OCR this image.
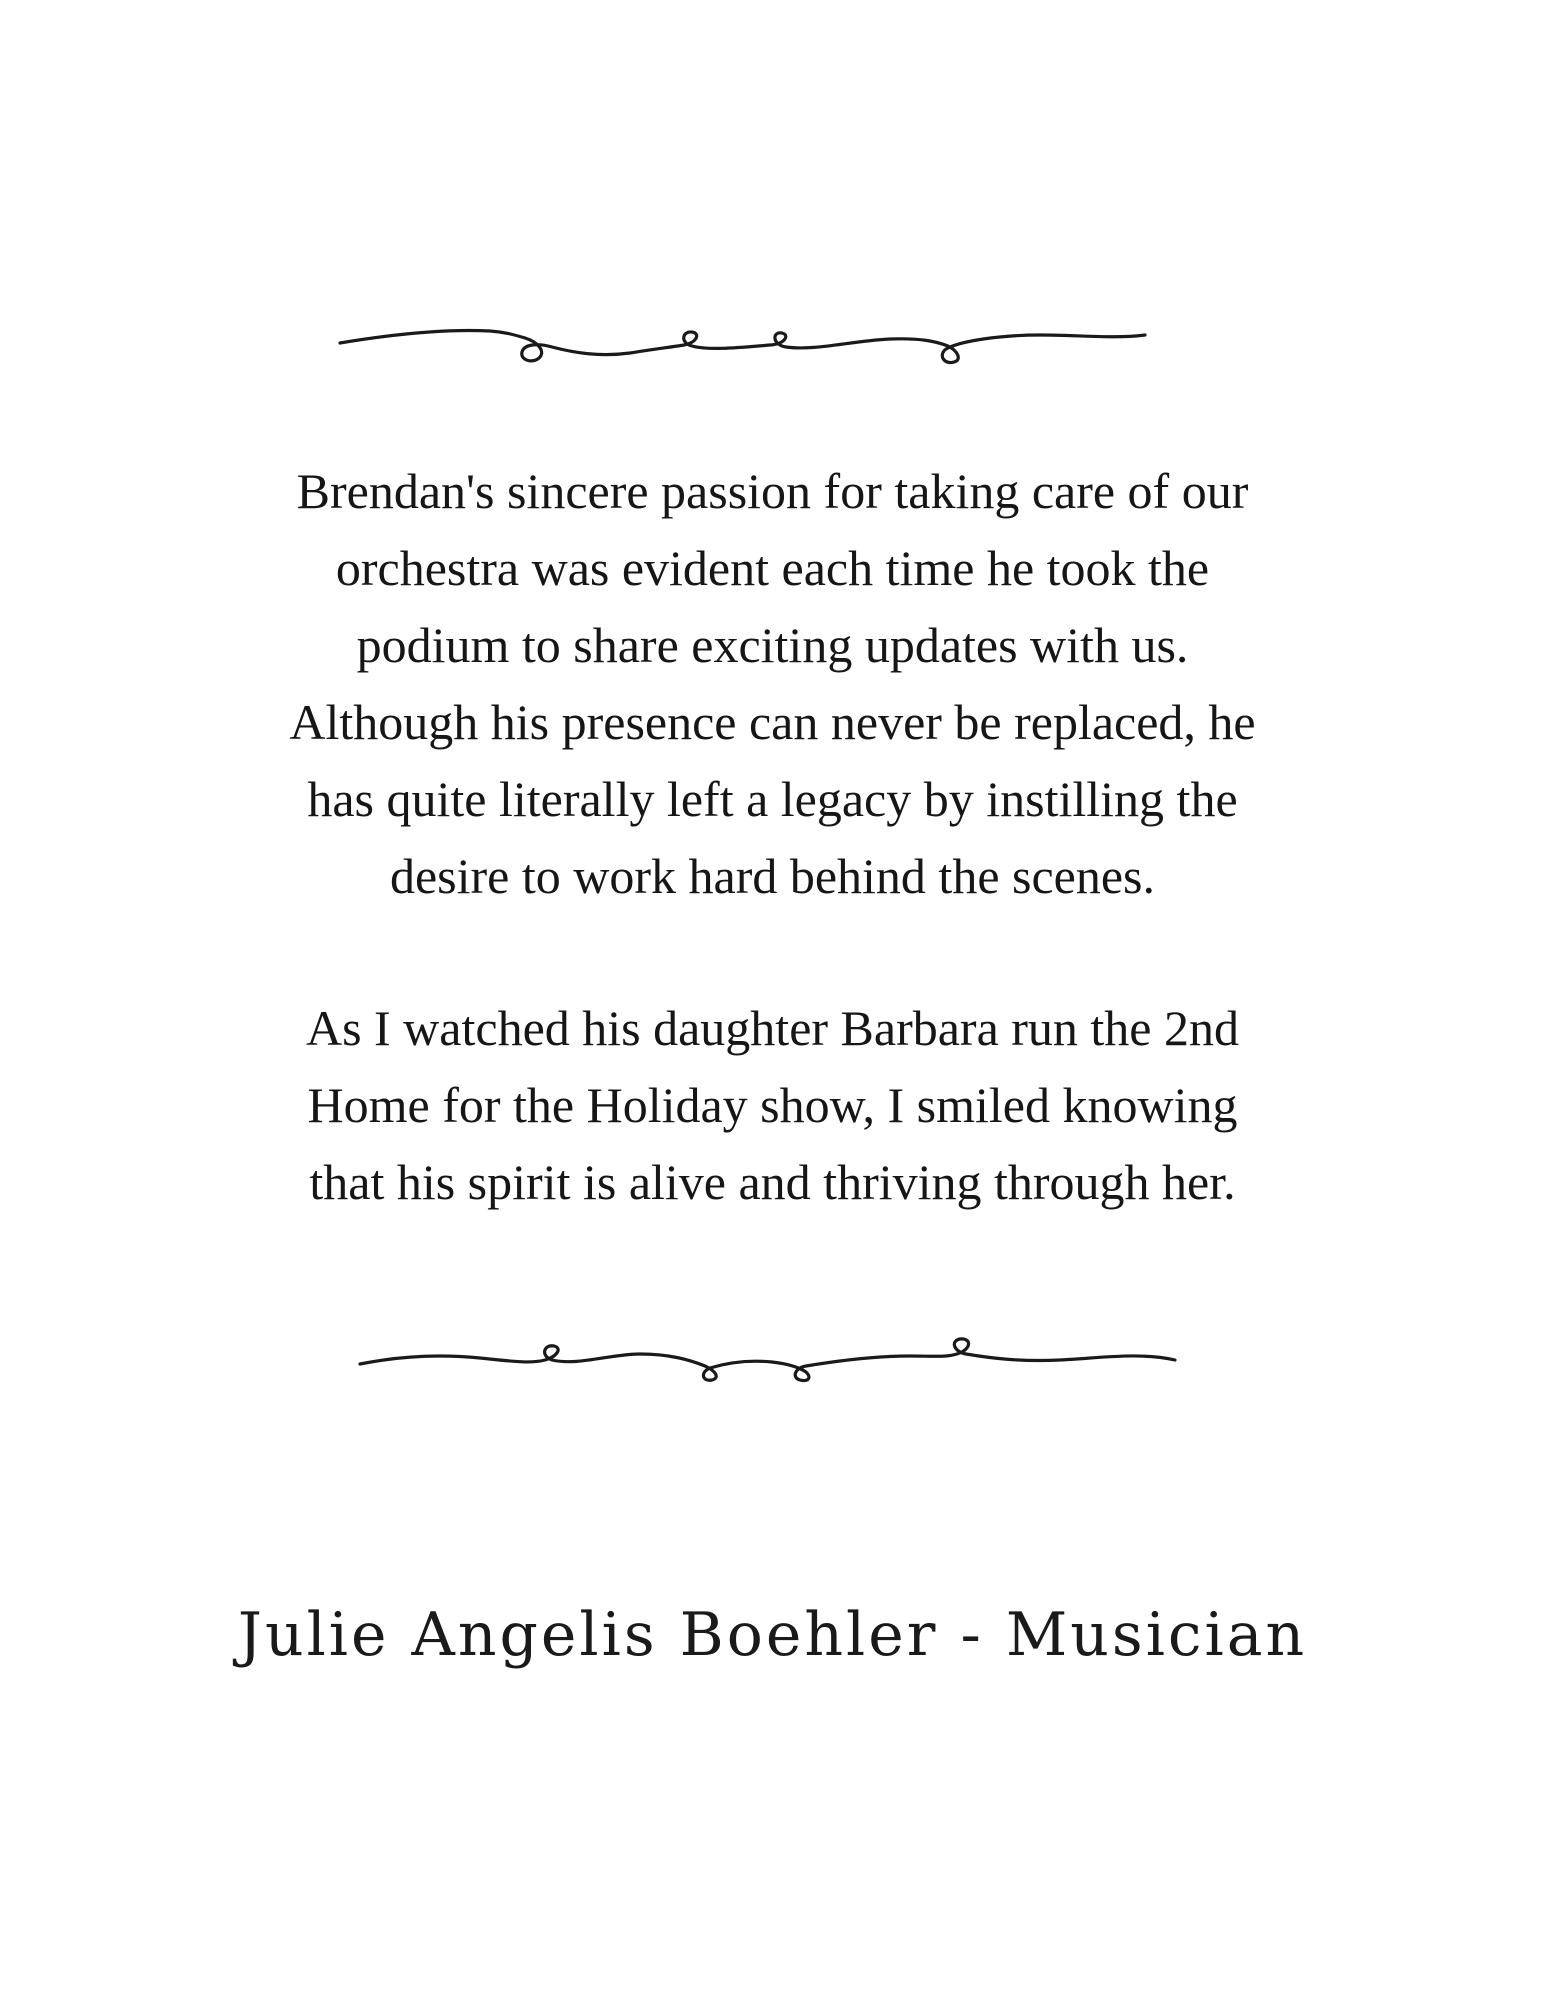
Brendan's sincere passion for taking care of our
orchestra was evident each time he took the
podium to share exciting updates with us.
Although his presence can never be replaced, he
has quite literally left a legacy by instilling the
desire to work hard behind the scenes.
As I watched his daughter Barbara run the 2nd
Home for the Holiday show, I smiled knowing
that his spirit is alive and thriving through her.
Julie Angelis Boehler - Musician
